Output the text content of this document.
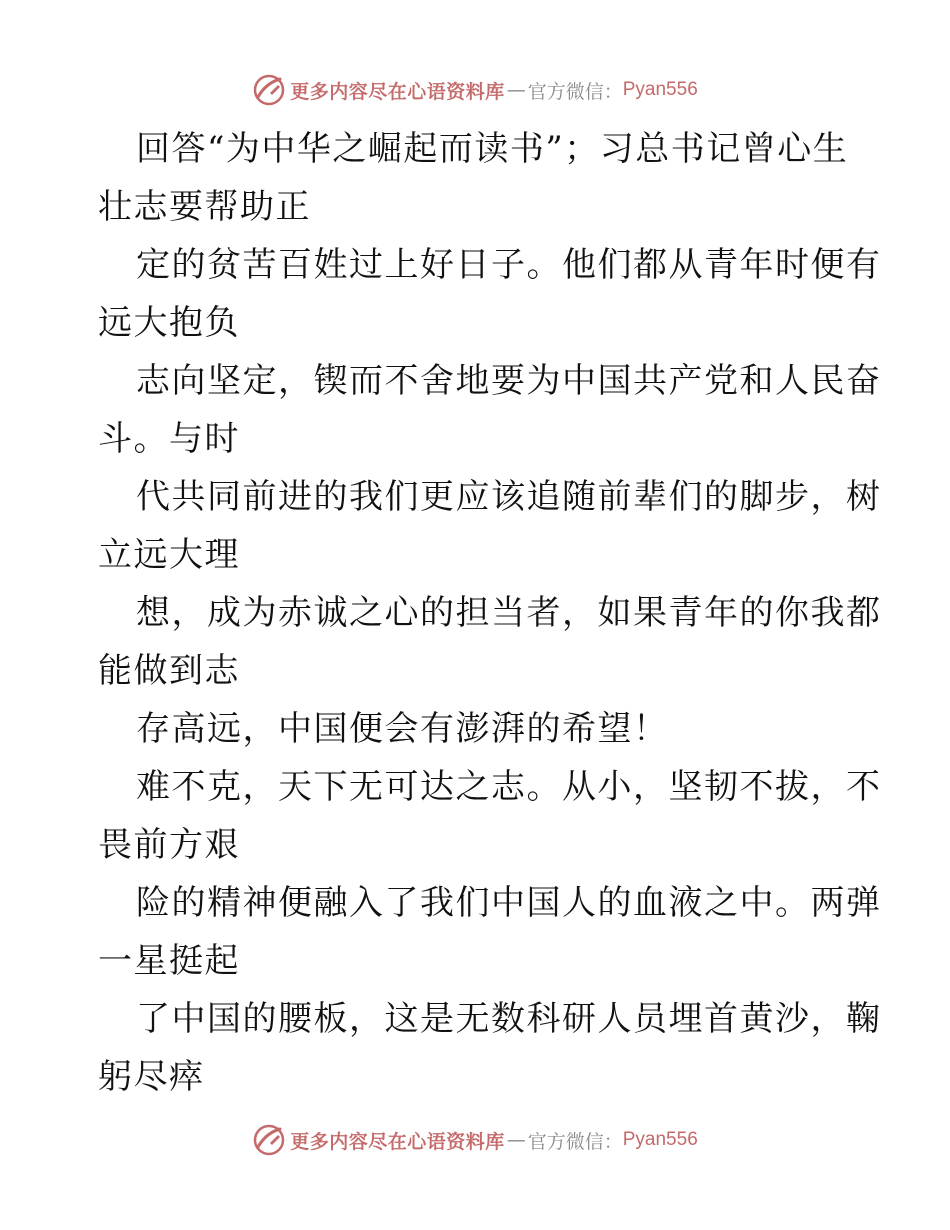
更多内容尽在心语资料库 — 官方微信： Pyan556
回答“为中华之崛起而读书”；习总书记曾心生
壮志要帮助正
定的贫苦百姓过上好日子。他们都从青年时便有
远大抱负
志向坚定，锲而不舍地要为中国共产党和人民奋
斗。与时
代共同前进的我们更应该追随前辈们的脚步，树
立远大理
想，成为赤诚之心的担当者，如果青年的你我都
能做到志
存高远，中国便会有澎湃的希望！
难不克，天下无可达之志。从小，坚韧不拔，不
畏前方艰
险的精神便融入了我们中国人的血液之中。两弹
一星挺起
了中国的腰板，这是无数科研人员埋首黄沙，鞠
躬尽瘁
更多内容尽在心语资料库 — 官方微信： Pyan556
